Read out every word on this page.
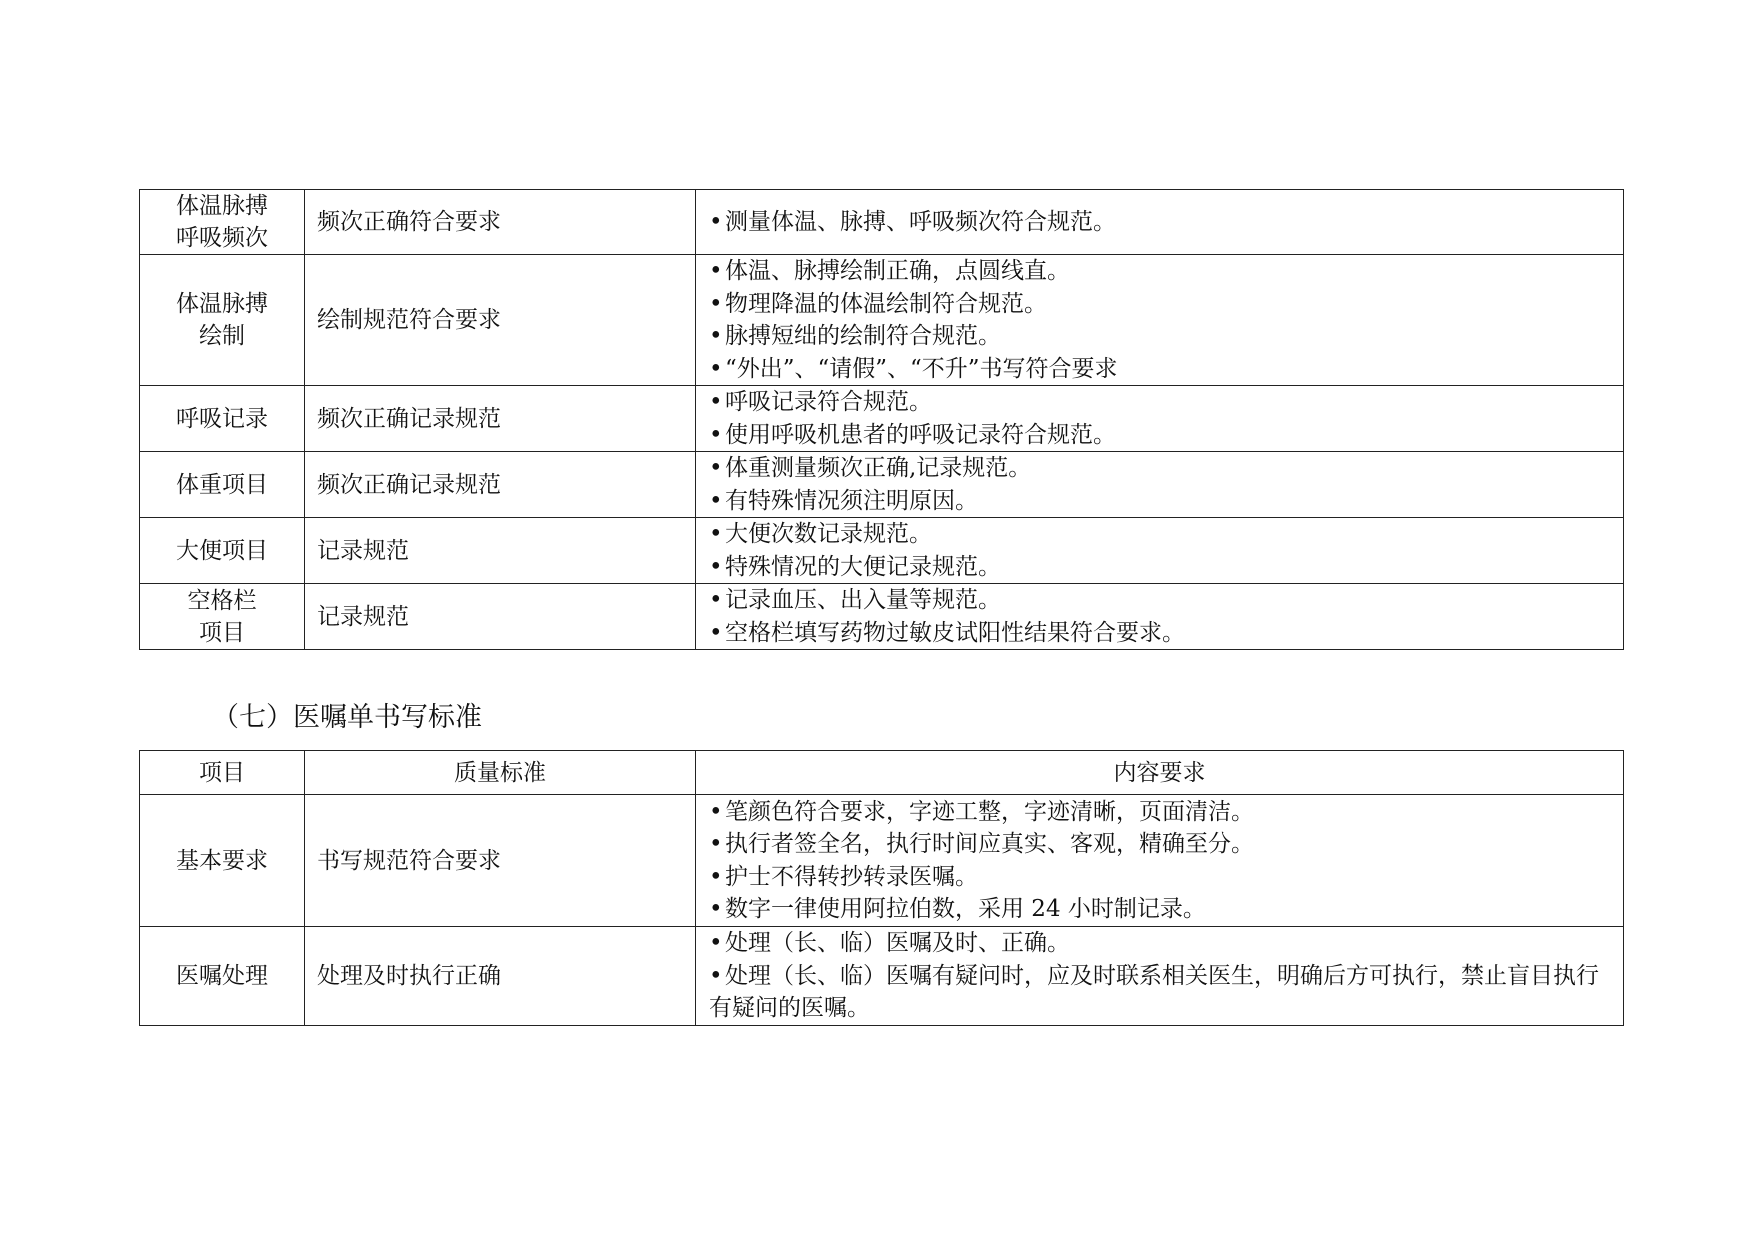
体温脉搏
呼吸频次	频次正确符合要求	• 测量体温、脉搏、呼吸频次符合规范。

体温脉搏
绘制	绘制规范符合要求	• 体温、脉搏绘制正确，点圆线直。
• 物理降温的体温绘制符合规范。
• 脉搏短绌的绘制符合规范。
• “外出”、“请假”、“不升”书写符合要求

呼吸记录	频次正确记录规范	• 呼吸记录符合规范。
• 使用呼吸机患者的呼吸记录符合规范。

体重项目	频次正确记录规范	• 体重测量频次正确,记录规范。
• 有特殊情况须注明原因。

大便项目	记录规范	• 大便次数记录规范。
• 特殊情况的大便记录规范。

空格栏
项目	记录规范	• 记录血压、出入量等规范。
• 空格栏填写药物过敏皮试阳性结果符合要求。
（七）医嘱单书写标准
项目	质量标准	内容要求

基本要求	书写规范符合要求	• 笔颜色符合要求，字迹工整，字迹清晰，页面清洁。
• 执行者签全名，执行时间应真实、客观，精确至分。
• 护士不得转抄转录医嘱。
• 数字一律使用阿拉伯数，采用 24 小时制记录。

医嘱处理	处理及时执行正确	• 处理（长、临）医嘱及时、正确。
• 处理（长、临）医嘱有疑问时，应及时联系相关医生，明确后方可执行，禁止盲目执行有疑问的医嘱。
